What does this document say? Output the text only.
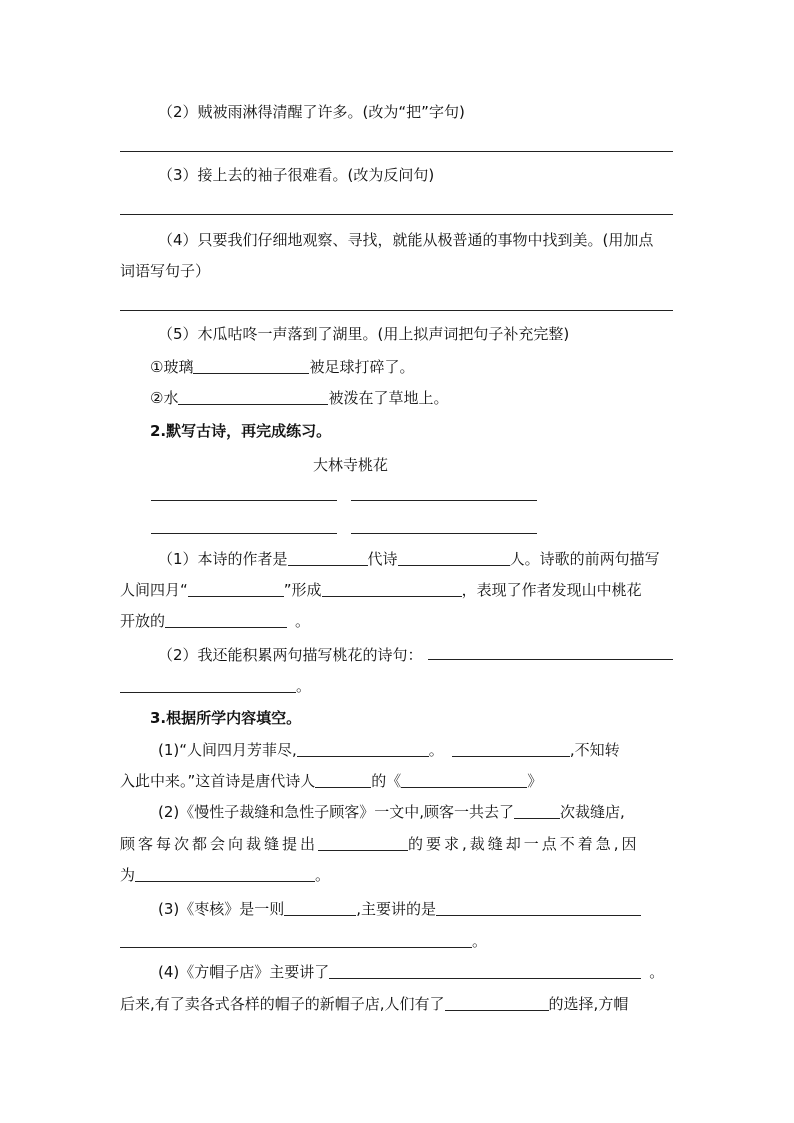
（2）贼被雨淋得清醒了许多。(改为“把”字句)
（3）接上去的袖子很难看。(改为反问句)
（4）只要我们仔细地观察、寻找，就能从极普通的事物中找到美。(用加点
词语写句子）
（5）木瓜咕咚一声落到了湖里。(用上拟声词把句子补充完整)
①玻璃	被足球打碎了。
②水	被泼在了草地上。
2.默写古诗，再完成练习。
大林寺桃花
（1）本诗的作者是	代诗	人。诗歌的前两句描写
人间四月“	”形成	，表现了作者发现山中桃花
开放的	。
（2）我还能积累两句描写桃花的诗句：
。
3.根据所学内容填空。
(1)“人间四月芳菲尽,	。	,不知转
入此中来。”这首诗是唐代诗人	的《	》
(2)《慢性子裁缝和急性子顾客》一文中,顾客一共去了	次裁缝店,
顾客每次都会向裁缝提出	的要求,裁缝却一点不着急,因
为	。
(3)《枣核》是一则	,主要讲的是
。
(4)《方帽子店》主要讲了	。
后来,有了卖各式各样的帽子的新帽子店,人们有了	的选择,方帽
